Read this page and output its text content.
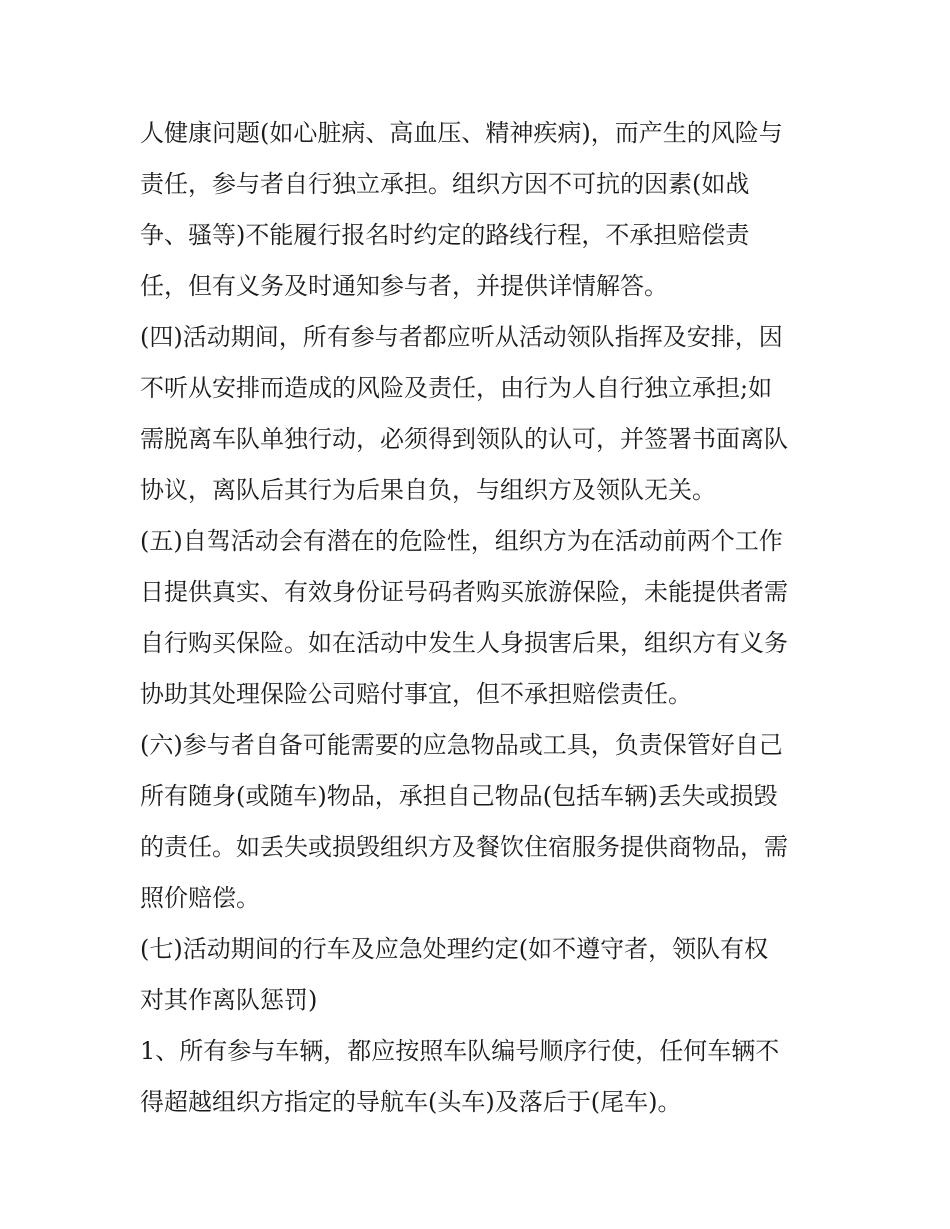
人健康问题(如心脏病、高血压、精神疾病)，而产生的风险与
责任，参与者自行独立承担。组织方因不可抗的因素(如战
争、骚等)不能履行报名时约定的路线行程，不承担赔偿责
任，但有义务及时通知参与者，并提供详情解答。
(四)活动期间，所有参与者都应听从活动领队指挥及安排，因
不听从安排而造成的风险及责任，由行为人自行独立承担;如
需脱离车队单独行动，必须得到领队的认可，并签署书面离队
协议，离队后其行为后果自负，与组织方及领队无关。
(五)自驾活动会有潜在的危险性，组织方为在活动前两个工作
日提供真实、有效身份证号码者购买旅游保险，未能提供者需
自行购买保险。如在活动中发生人身损害后果，组织方有义务
协助其处理保险公司赔付事宜，但不承担赔偿责任。
(六)参与者自备可能需要的应急物品或工具，负责保管好自己
所有随身(或随车)物品，承担自己物品(包括车辆)丢失或损毁
的责任。如丢失或损毁组织方及餐饮住宿服务提供商物品，需
照价赔偿。
(七)活动期间的行车及应急处理约定(如不遵守者，领队有权
对其作离队惩罚)
1、所有参与车辆，都应按照车队编号顺序行使，任何车辆不
得超越组织方指定的导航车(头车)及落后于(尾车)。
